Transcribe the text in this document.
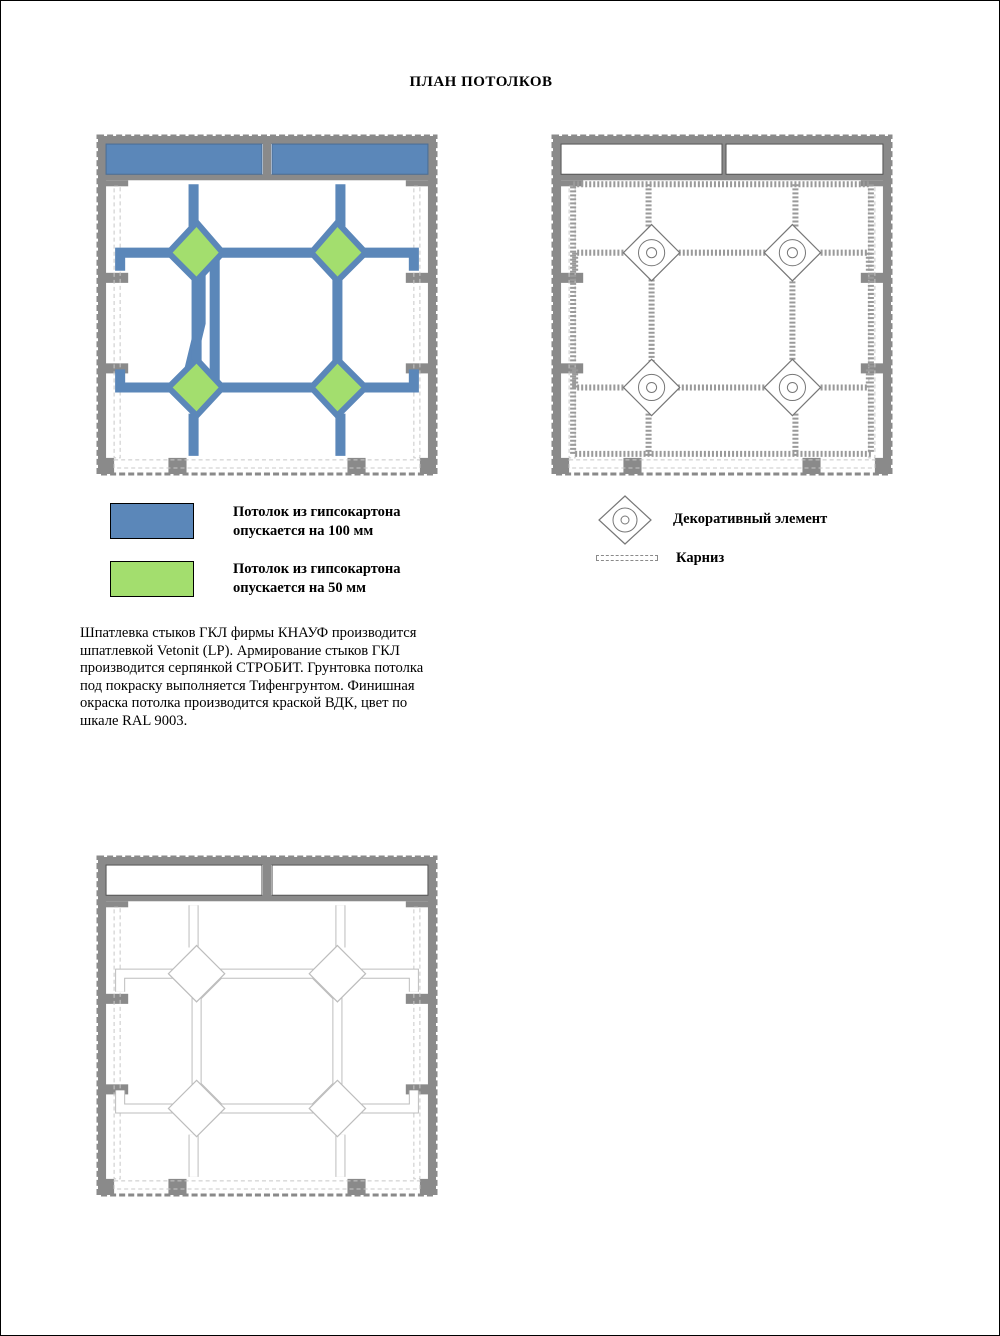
ПЛАН ПОТОЛКОВ
Потолок из гипсокартона
опускается на 100 мм
Потолок из гипсокартона
опускается на 50 мм
Декоративный элемент
Карниз
Шпатлевка стыков ГКЛ фирмы КНАУФ производится
шпатлевкой Vetonit (LP). Армирование стыков ГКЛ
производится серпянкой СТРОБИТ. Грунтовка потолка
под покраску выполняется Тифенгрунтом. Финишная
окраска потолка производится краской ВДК, цвет по
шкале RAL 9003.
